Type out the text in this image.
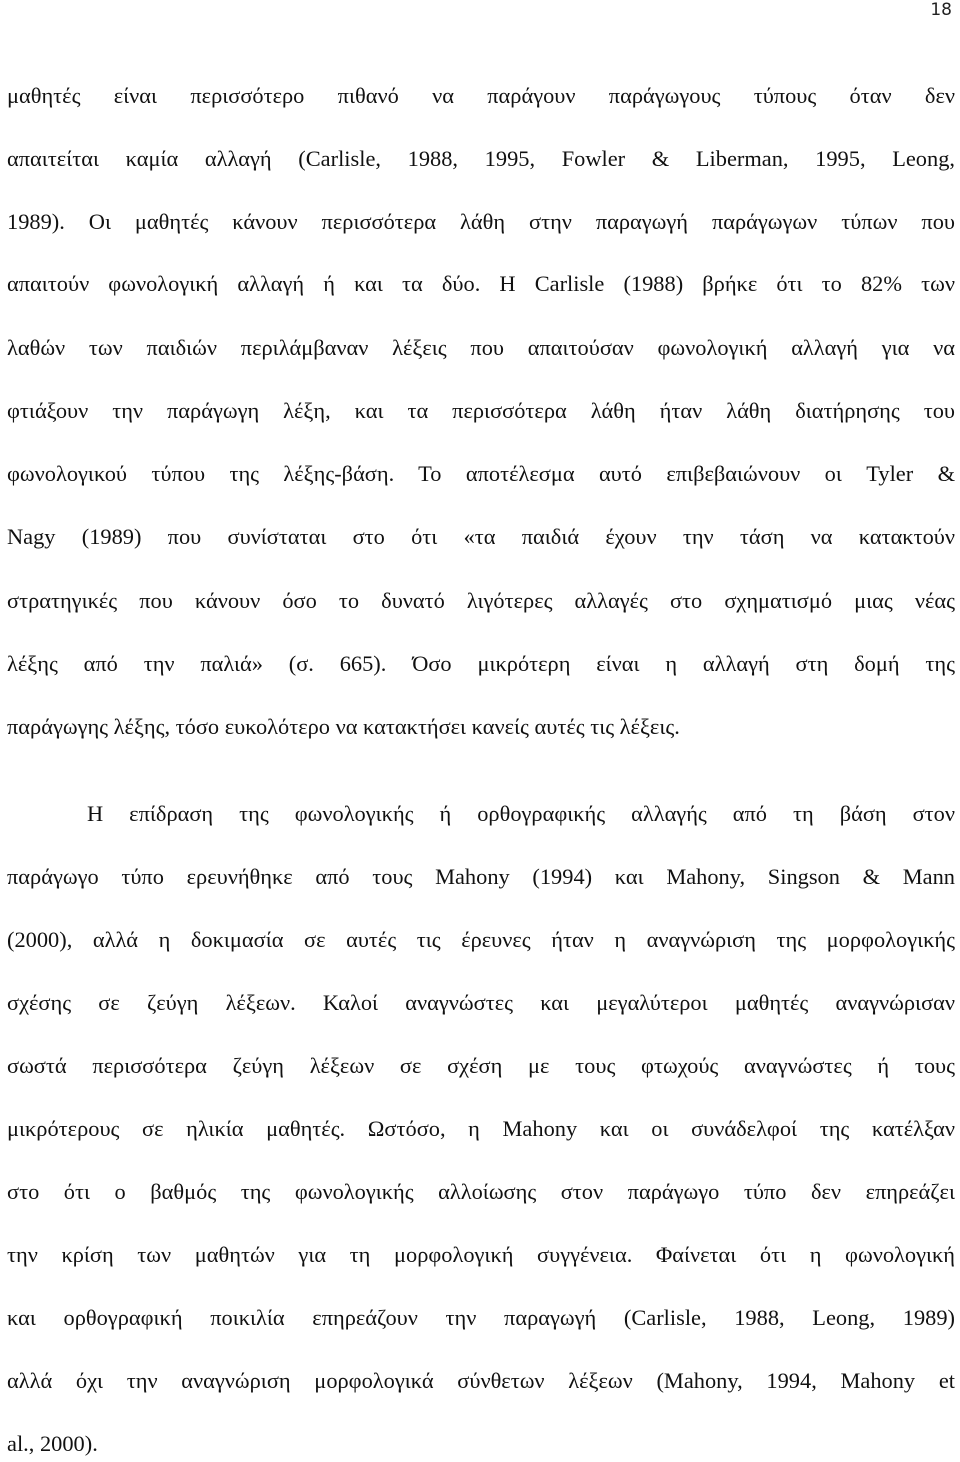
18
μαθητές είναι περισσότερο πιθανό να παράγουν παράγωγους τύπους όταν δεν
απαιτείται καμία αλλαγή (Carlisle, 1988, 1995, Fowler & Liberman, 1995, Leong,
1989). Οι μαθητές κάνουν περισσότερα λάθη στην παραγωγή παράγωγων τύπων που
απαιτούν φωνολογική αλλαγή ή και τα δύο. Η Carlisle (1988) βρήκε ότι το 82% των
λαθών των παιδιών περιλάμβαναν λέξεις που απαιτούσαν φωνολογική αλλαγή για να
φτιάξουν την παράγωγη λέξη, και τα περισσότερα λάθη ήταν λάθη διατήρησης του
φωνολογικού τύπου της λέξης-βάση. Το αποτέλεσμα αυτό επιβεβαιώνουν οι Tyler &
Nagy (1989) που συνίσταται στο ότι «τα παιδιά έχουν την τάση να κατακτούν
στρατηγικές που κάνουν όσο το δυνατό λιγότερες αλλαγές στο σχηματισμό μιας νέας
λέξης από την παλιά» (σ. 665). Όσο μικρότερη είναι η αλλαγή στη δομή της
παράγωγης λέξης, τόσο ευκολότερο να κατακτήσει κανείς αυτές τις λέξεις.
Η επίδραση της φωνολογικής ή ορθογραφικής αλλαγής από τη βάση στον
παράγωγο τύπο ερευνήθηκε από τους Mahony (1994) και Mahony, Singson & Mann
(2000), αλλά η δοκιμασία σε αυτές τις έρευνες ήταν η αναγνώριση της μορφολογικής
σχέσης σε ζεύγη λέξεων. Καλοί αναγνώστες και μεγαλύτεροι μαθητές αναγνώρισαν
σωστά περισσότερα ζεύγη λέξεων σε σχέση με τους φτωχούς αναγνώστες ή τους
μικρότερους σε ηλικία μαθητές. Ωστόσο, η Mahony και οι συνάδελφοί της κατέλξαν
στο ότι ο βαθμός της φωνολογικής αλλοίωσης στον παράγωγο τύπο δεν επηρεάζει
την κρίση των μαθητών για τη μορφολογική συγγένεια. Φαίνεται ότι η φωνολογική
και ορθογραφική ποικιλία επηρεάζουν την παραγωγή (Carlisle, 1988, Leong, 1989)
αλλά όχι την αναγνώριση μορφολογικά σύνθετων λέξεων (Mahony, 1994, Mahony et
al., 2000).
